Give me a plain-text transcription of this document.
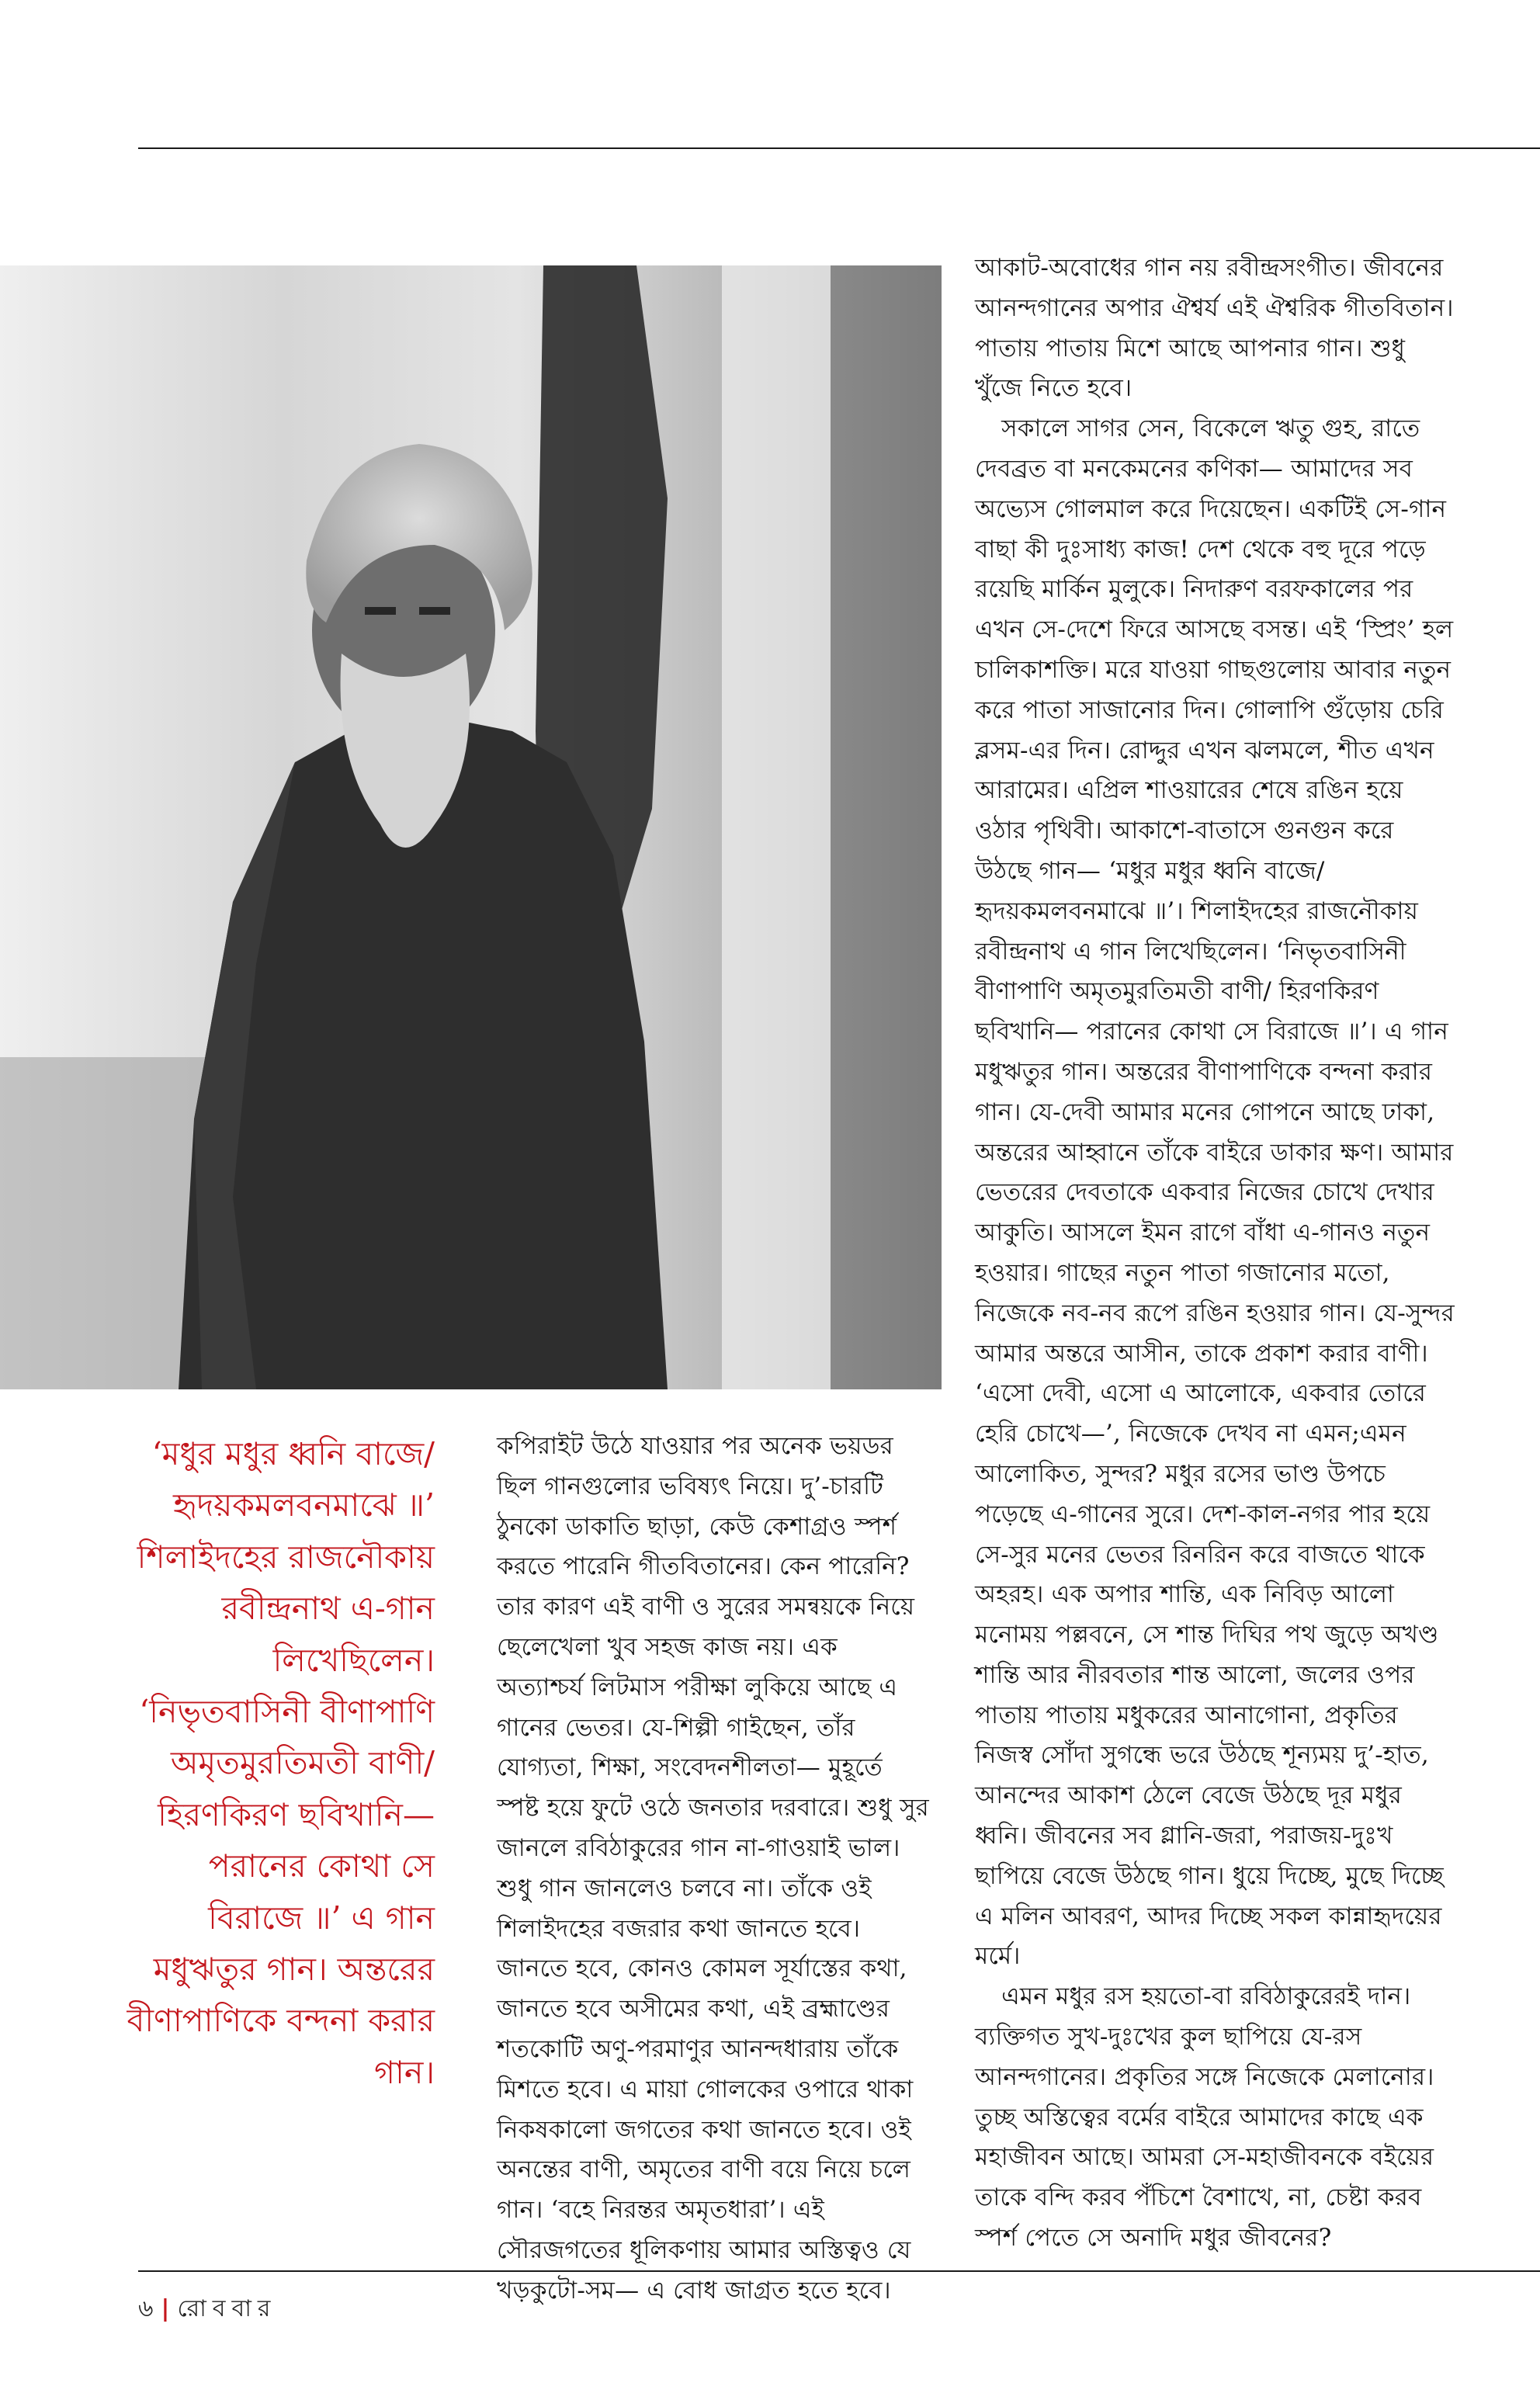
আকাট-অবোধের গান নয় রবীন্দ্রসংগীত। জীবনের আনন্দগানের অপার ঐশ্বর্য এই ঐশ্বরিক গীতবিতান। পাতায় পাতায় মিশে আছে আপনার গান। শুধু খুঁজে নিতে হবে।

সকালে সাগর সেন, বিকেলে ঋতু গুহ, রাতে দেবব্রত বা মনকেমনের কণিকা— আমাদের সব অভ্যেস গোলমাল করে দিয়েছেন। একটিই সে-গান বাছা কী দুঃসাধ্য কাজ! দেশ থেকে বহু দূরে পড়ে রয়েছি মার্কিন মুলুকে। নিদারুণ বরফকালের পর এখন সে-দেশে ফিরে আসছে বসন্ত। এই ‘স্প্রিং’ হল চালিকাশক্তি। মরে যাওয়া গাছগুলোয় আবার নতুন করে পাতা সাজানোর দিন। গোলাপি গুঁড়োয় চেরি ব্লসম-এর দিন। রোদ্দুর এখন ঝলমলে, শীত এখন আরামের। এপ্রিল শাওয়ারের শেষে রঙিন হয়ে ওঠার পৃথিবী। আকাশে-বাতাসে গুনগুন করে উঠছে গান— ‘মধুর মধুর ধ্বনি বাজে/ হৃদয়কমলবনমাঝে ॥’। শিলাইদহের রাজনৌকায় রবীন্দ্রনাথ এ গান লিখেছিলেন। ‘নিভৃতবাসিনী বীণাপাণি অমৃতমুরতিমতী বাণী/ হিরণকিরণ ছবিখানি— পরানের কোথা সে বিরাজে ॥’। এ গান মধুঋতুর গান। অন্তরের বীণাপাণিকে বন্দনা করার গান। যে-দেবী আমার মনের গোপনে আছে ঢাকা, অন্তরের আহ্বানে তাঁকে বাইরে ডাকার ক্ষণ। আমার ভেতরের দেবতাকে একবার নিজের চোখে দেখার আকুতি। আসলে ইমন রাগে বাঁধা এ-গানও নতুন হওয়ার। গাছের নতুন পাতা গজানোর মতো, নিজেকে নব-নব রূপে রঙিন হওয়ার গান। যে-সুন্দর আমার অন্তরে আসীন, তাকে প্রকাশ করার বাণী। ‘এসো দেবী, এসো এ আলোকে, একবার তোরে হেরি চোখে—’, নিজেকে দেখব না এমন;এমন আলোকিত, সুন্দর? মধুর রসের ভাণ্ড উপচে পড়েছে এ-গানের সুরে। দেশ-কাল-নগর পার হয়ে সে-সুর মনের ভেতর রিনরিন করে বাজতে থাকে অহরহ। এক অপার শান্তি, এক নিবিড় আলো মনোময় পল্লবনে, সে শান্ত দিঘির পথ জুড়ে অখণ্ড শান্তি আর নীরবতার শান্ত আলো, জলের ওপর পাতায় পাতায় মধুকরের আনাগোনা, প্রকৃতির নিজস্ব সোঁদা সুগন্ধে ভরে উঠছে শূন্যময় দু’-হাত, আনন্দের আকাশ ঠেলে বেজে উঠছে দূর মধুর ধ্বনি। জীবনের সব গ্লানি-জরা, পরাজয়-দুঃখ ছাপিয়ে বেজে উঠছে গান। ধুয়ে দিচ্ছে, মুছে দিচ্ছে এ মলিন আবরণ, আদর দিচ্ছে সকল কান্নাহৃদয়ের মর্মে।

এমন মধুর রস হয়তো-বা রবিঠাকুরেরই দান। ব্যক্তিগত সুখ-দুঃখের কুল ছাপিয়ে যে-রস আনন্দগানের। প্রকৃতির সঙ্গে নিজেকে মেলানোর। তুচ্ছ অস্তিত্বের বর্মের বাইরে আমাদের কাছে এক মহাজীবন আছে। আমরা সে-মহাজীবনকে বইয়ের তাকে বন্দি করব পঁচিশে বৈশাখে, না, চেষ্টা করব স্পর্শ পেতে সে অনাদি মধুর জীবনের?

‘মধুর মধুর ধ্বনি বাজে/ হৃদয়কমলবনমাঝে ॥’ শিলাইদহের রাজনৌকায় রবীন্দ্রনাথ এ-গান লিখেছিলেন। ‘নিভৃতবাসিনী বীণাপাণি অমৃতমুরতিমতী বাণী/ হিরণকিরণ ছবিখানি— পরানের কোথা সে বিরাজে ॥’ এ গান মধুঋতুর গান। অন্তরের বীণাপাণিকে বন্দনা করার গান।

কপিরাইট উঠে যাওয়ার পর অনেক ভয়ডর ছিল গানগুলোর ভবিষ্যৎ নিয়ে। দু’-চারটি ঠুনকো ডাকাতি ছাড়া, কেউ কেশাগ্রও স্পর্শ করতে পারেনি গীতবিতানের। কেন পারেনি? তার কারণ এই বাণী ও সুরের সমন্বয়কে নিয়ে ছেলেখেলা খুব সহজ কাজ নয়। এক অত্যাশ্চর্য লিটমাস পরীক্ষা লুকিয়ে আছে এ গানের ভেতর। যে-শিল্পী গাইছেন, তাঁর যোগ্যতা, শিক্ষা, সংবেদনশীলতা— মুহূর্তে স্পষ্ট হয়ে ফুটে ওঠে জনতার দরবারে। শুধু সুর জানলে রবিঠাকুরের গান না-গাওয়াই ভাল। শুধু গান জানলেও চলবে না। তাঁকে ওই শিলাইদহের বজরার কথা জানতে হবে। জানতে হবে, কোনও কোমল সূর্যাস্তের কথা, জানতে হবে অসীমের কথা, এই ব্রহ্মাণ্ডের শতকোটি অণু-পরমাণুর আনন্দধারায় তাঁকে মিশতে হবে। এ মায়া গোলকের ওপারে থাকা নিকষকালো জগতের কথা জানতে হবে। ওই অনন্তের বাণী, অমৃতের বাণী বয়ে নিয়ে চলে গান। ‘বহে নিরন্তর অমৃতধারা’। এই সৌরজগতের ধূলিকণায় আমার অস্তিত্বও যে খড়কুটো-সম— এ বোধ জাগ্রত হতে হবে।

৬ | রোববার
